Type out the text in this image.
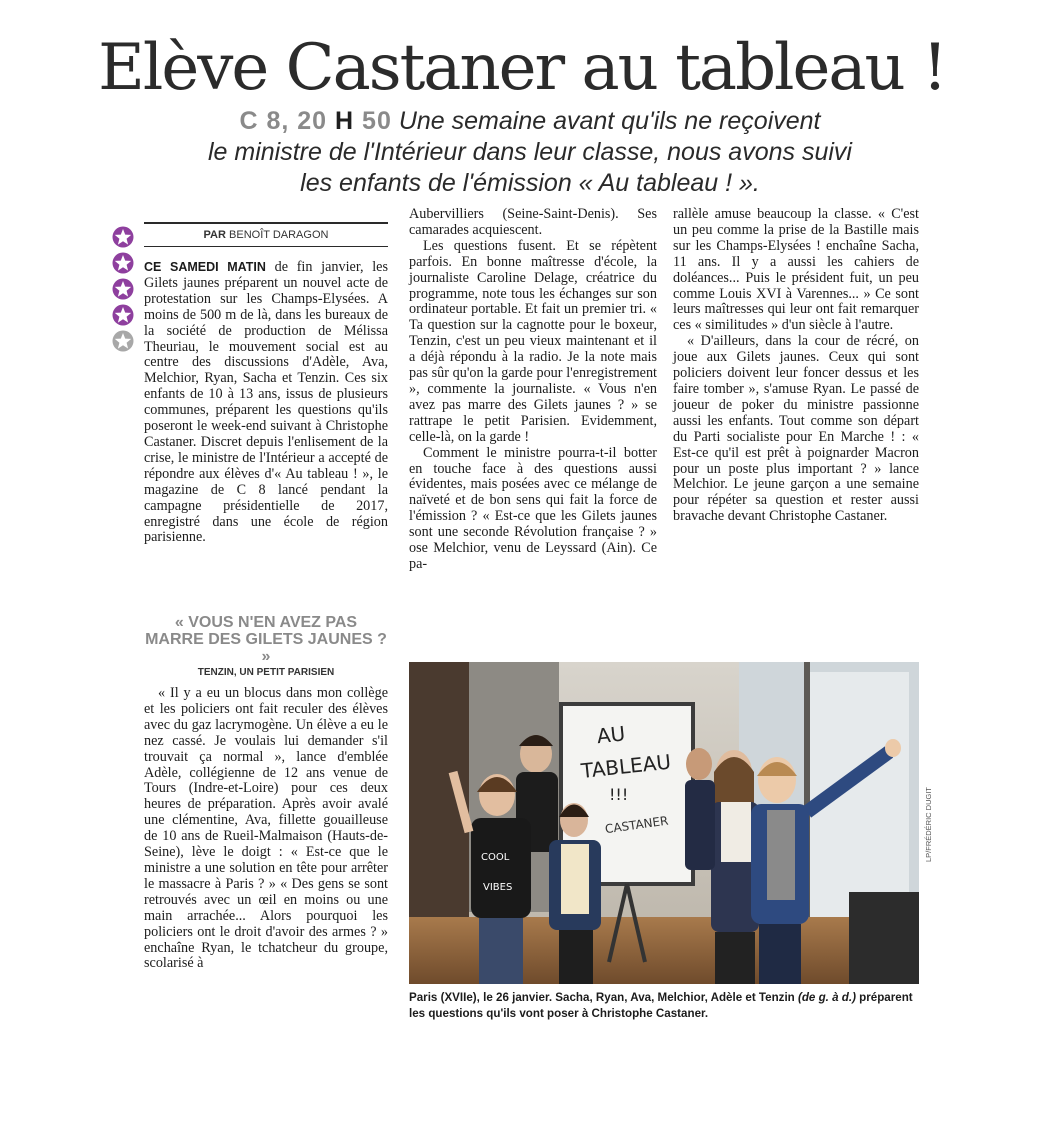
Elève Castaner au tableau !
C 8, 20 H 50 Une semaine avant qu'ils ne reçoivent
le ministre de l'Intérieur dans leur classe, nous avons suivi
les enfants de l'émission « Au tableau ! ».
PAR BENOÎT DARAGON

CE SAMEDI MATIN de fin janvier, les Gilets jaunes préparent un nouvel acte de protestation sur les Champs-Elysées. A moins de 500 m de là, dans les bureaux de la société de production de Mélissa Theuriau, le mouvement social est au centre des discussions d'Adèle, Ava, Melchior, Ryan, Sacha et Tenzin. Ces six enfants de 10 à 13 ans, issus de plusieurs communes, préparent les questions qu'ils poseront le week-end suivant à Christophe Castaner. Discret depuis l'enlisement de la crise, le ministre de l'Intérieur a accepté de répondre aux élèves d'« Au tableau ! », le magazine de C 8 lancé pendant la campagne présidentielle de 2017, enregistré dans une école de région parisienne.

« VOUS N'EN AVEZ PAS MARRE DES GILETS JAUNES ? »
TENZIN, UN PETIT PARISIEN

« Il y a eu un blocus dans mon collège et les policiers ont fait reculer des élèves avec du gaz lacrymogène. Un élève a eu le nez cassé. Je voulais lui demander s'il trouvait ça normal », lance d'emblée Adèle, collégienne de 12 ans venue de Tours (Indre-et-Loire) pour ces deux heures de préparation. Après avoir avalé une clémentine, Ava, fillette gouailleuse de 10 ans de Rueil-Malmaison (Hauts-de-Seine), lève le doigt : « Est-ce que le ministre a une solution en tête pour arrêter le massacre à Paris ? » « Des gens se sont retrouvés avec un œil en moins ou une main arrachée... Alors pourquoi les policiers ont le droit d'avoir des armes ? » enchaîne Ryan, le tchatcheur du groupe, scolarisé à

Aubervilliers (Seine-Saint-Denis). Ses camarades acquiescent.

Les questions fusent. Et se répètent parfois. En bonne maîtresse d'école, la journaliste Caroline Delage, créatrice du programme, note tous les échanges sur son ordinateur portable. Et fait un premier tri. « Ta question sur la cagnotte pour le boxeur, Tenzin, c'est un peu vieux maintenant et il a déjà répondu à la radio. Je la note mais pas sûr qu'on la garde pour l'enregistrement », commente la journaliste. « Vous n'en avez pas marre des Gilets jaunes ? » se rattrape le petit Parisien. Evidemment, celle-là, on la garde !

Comment le ministre pourra-t-il botter en touche face à des questions aussi évidentes, mais posées avec ce mélange de naïveté et de bon sens qui fait la force de l'émission ? « Est-ce que les Gilets jaunes sont une seconde Révolution française ? » ose Melchior, venu de Leyssard (Ain). Ce pa-

rallèle amuse beaucoup la classe. « C'est un peu comme la prise de la Bastille mais sur les Champs-Elysées ! enchaîne Sacha, 11 ans. Il y a aussi les cahiers de doléances... Puis le président fuit, un peu comme Louis XVI à Varennes... » Ce sont leurs maîtresses qui leur ont fait remarquer ces « similitudes » d'un siècle à l'autre.

« D'ailleurs, dans la cour de récré, on joue aux Gilets jaunes. Ceux qui sont policiers doivent leur foncer dessus et les faire tomber », s'amuse Ryan. Le passé de joueur de poker du ministre passionne aussi les enfants. Tout comme son départ du Parti socialiste pour En Marche ! : « Est-ce qu'il est prêt à poignarder Macron pour un poste plus important ? » lance Melchior. Le jeune garçon a une semaine pour répéter sa question et rester aussi bravache devant Christophe Castaner.

AU
TABLEAU
!!!
CASTANER
COOL
VIBES
LP/FRÉDÉRIC DUGIT
Paris (XVIIe), le 26 janvier. Sacha, Ryan, Ava, Melchior, Adèle et Tenzin (de g. à d.) préparent les questions qu'ils vont poser à Christophe Castaner.
